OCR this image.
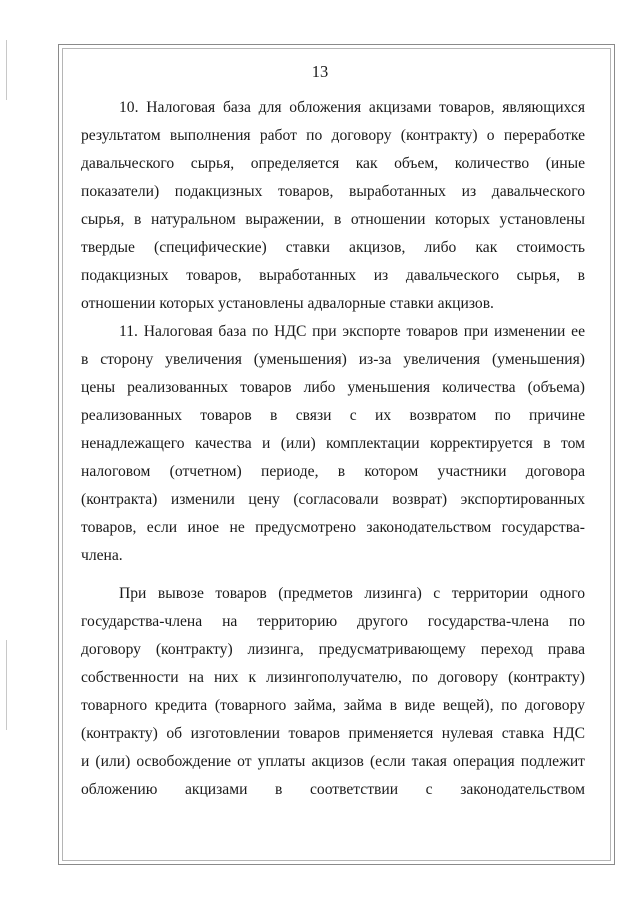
13
10. Налоговая база для обложения акцизами товаров, являющихся
результатом выполнения работ по договору (контракту) о переработке
давальческого сырья, определяется как объем, количество (иные
показатели) подакцизных товаров, выработанных из давальческого
сырья, в натуральном выражении, в отношении которых установлены
твердые (специфические) ставки акцизов, либо как стоимость
подакцизных товаров, выработанных из давальческого сырья, в
отношении которых установлены адвалорные ставки акцизов.
11. Налоговая база по НДС при экспорте товаров при изменении ее
в сторону увеличения (уменьшения) из-за увеличения (уменьшения)
цены реализованных товаров либо уменьшения количества (объема)
реализованных товаров в связи с их возвратом по причине
ненадлежащего качества и (или) комплектации корректируется в том
налоговом (отчетном) периоде, в котором участники договора
(контракта) изменили цену (согласовали возврат) экспортированных
товаров, если иное не предусмотрено законодательством государства-
члена.
При вывозе товаров (предметов лизинга) с территории одного
государства-члена на территорию другого государства-члена по
договору (контракту) лизинга, предусматривающему переход права
собственности на них к лизингополучателю, по договору (контракту)
товарного кредита (товарного займа, займа в виде вещей), по договору
(контракту) об изготовлении товаров применяется нулевая ставка НДС
и (или) освобождение от уплаты акцизов (если такая операция подлежит
обложению акцизами в соответствии с законодательством
